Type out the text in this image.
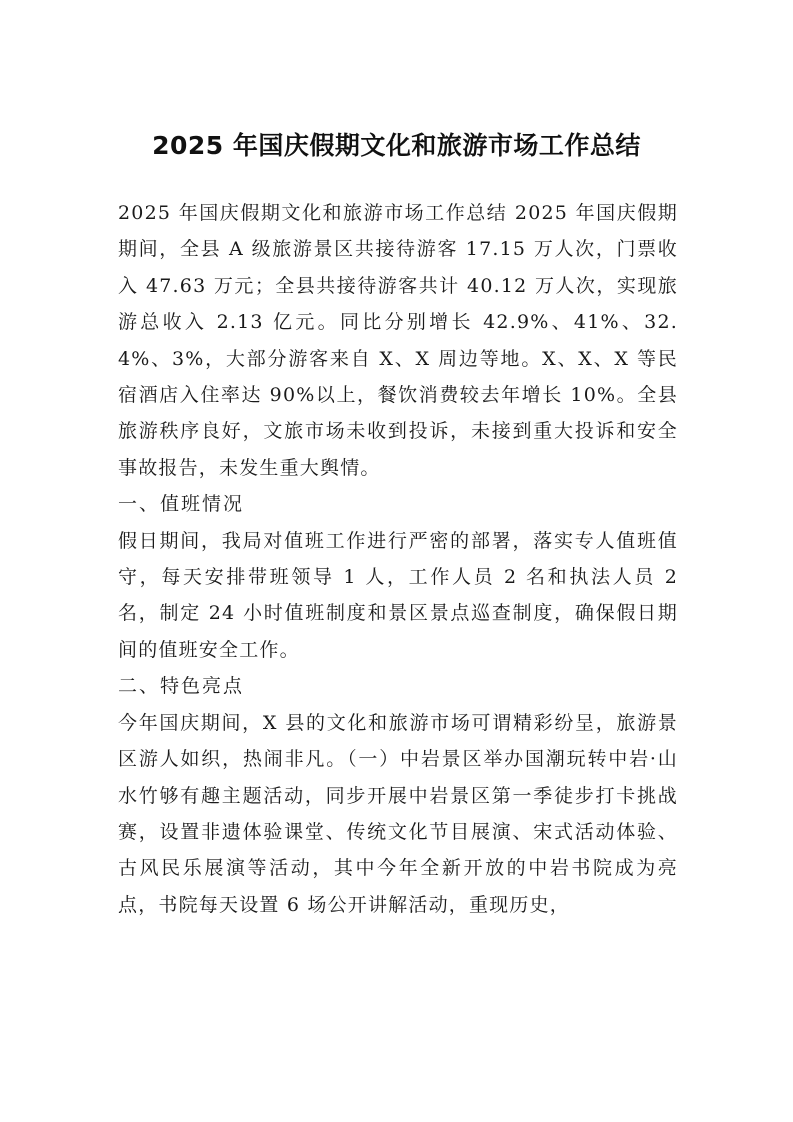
2025 年国庆假期文化和旅游市场工作总结

2025 年国庆假期文化和旅游市场工作总结 2025 年国庆假期期间，全县 A 级旅游景区共接待游客 17.15 万人次，门票收入 47.63 万元；全县共接待游客共计 40.12 万人次，实现旅游总收入 2.13 亿元。同比分别增长 42.9%、41%、32.4%、3%，大部分游客来自 X、X 周边等地。X、X、X 等民宿酒店入住率达 90%以上，餐饮消费较去年增长 10%。全县旅游秩序良好，文旅市场未收到投诉，未接到重大投诉和安全事故报告，未发生重大舆情。

一、值班情况

假日期间，我局对值班工作进行严密的部署，落实专人值班值守，每天安排带班领导 1 人，工作人员 2 名和执法人员 2 名，制定 24 小时值班制度和景区景点巡查制度，确保假日期间的值班安全工作。

二、特色亮点

今年国庆期间，X 县的文化和旅游市场可谓精彩纷呈，旅游景区游人如织，热闹非凡。（一）中岩景区举办国潮玩转中岩·山水竹够有趣主题活动，同步开展中岩景区第一季徒步打卡挑战赛，设置非遗体验课堂、传统文化节目展演、宋式活动体验、古风民乐展演等活动，其中今年全新开放的中岩书院成为亮点，书院每天设置 6 场公开讲解活动，重现历史，
